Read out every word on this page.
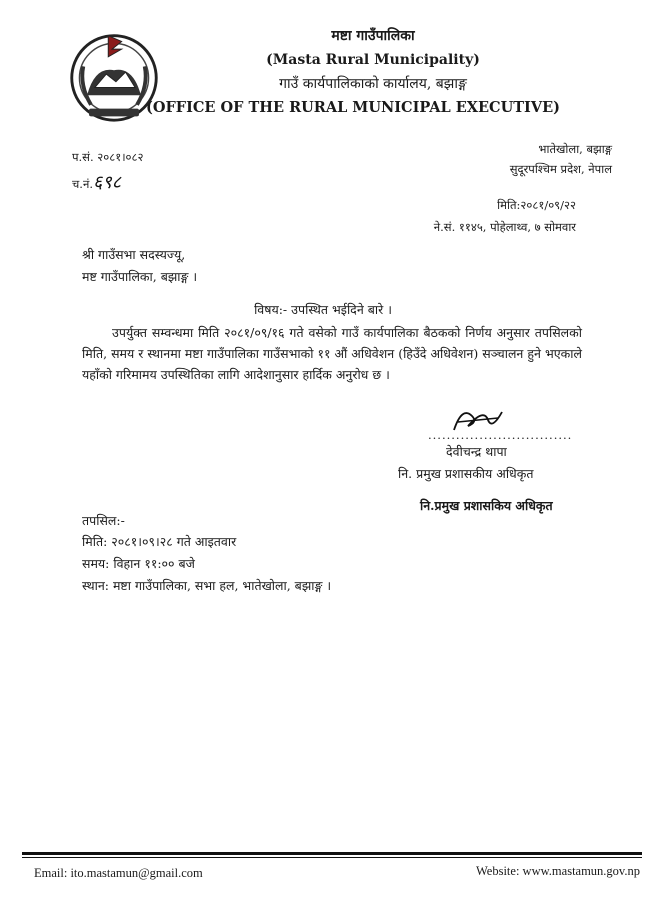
मष्टा गाउँपालिका
(Masta Rural Municipality)
गाउँ कार्यपालिकाको कार्यालय, बझाङ्ग
(OFFICE OF THE RURAL MUNICIPAL EXECUTIVE)
प.सं. २०८१।०८२
च.नं.६९८
भातेखोला, बझाङ्ग
सुदूरपश्चिम प्रदेश, नेपाल
मिति:२०८१/०९/२२
ने.सं. ११४५, पोहेलाथ्व, ७ सोमवार
श्री गाउँसभा सदस्यज्यू,
मष्ट गाउँपालिका, बझाङ्ग ।
विषय:- उपस्थित भईदिने बारे ।
उपर्युक्त सम्वन्धमा मिति २०८१/०९/१६ गते वसेको गाउँ कार्यपालिका बैठकको निर्णय अनुसार तपसिलको मिति, समय र स्थानमा मष्टा गाउँपालिका गाउँसभाको ११ औं अधिवेशन (हिउँदे अधिवेशन) सञ्चालन हुने भएकाले यहाँको गरिमामय उपस्थितिका लागि आदेशानुसार हार्दिक अनुरोध छ ।
...............................
देवीचन्द्र थापा
नि. प्रमुख प्रशासकीय अधिकृत
नि.प्रमुख प्रशासकिय अधिकृत
तपसिल:-
मिति: २०८१।०९।२८ गते आइतवार
समय: विहान ११:०० बजे
स्थान: मष्टा गाउँपालिका, सभा हल, भातेखोला, बझाङ्ग ।
Email: ito.mastamun@gmail.com	Website: www.mastamun.gov.np
